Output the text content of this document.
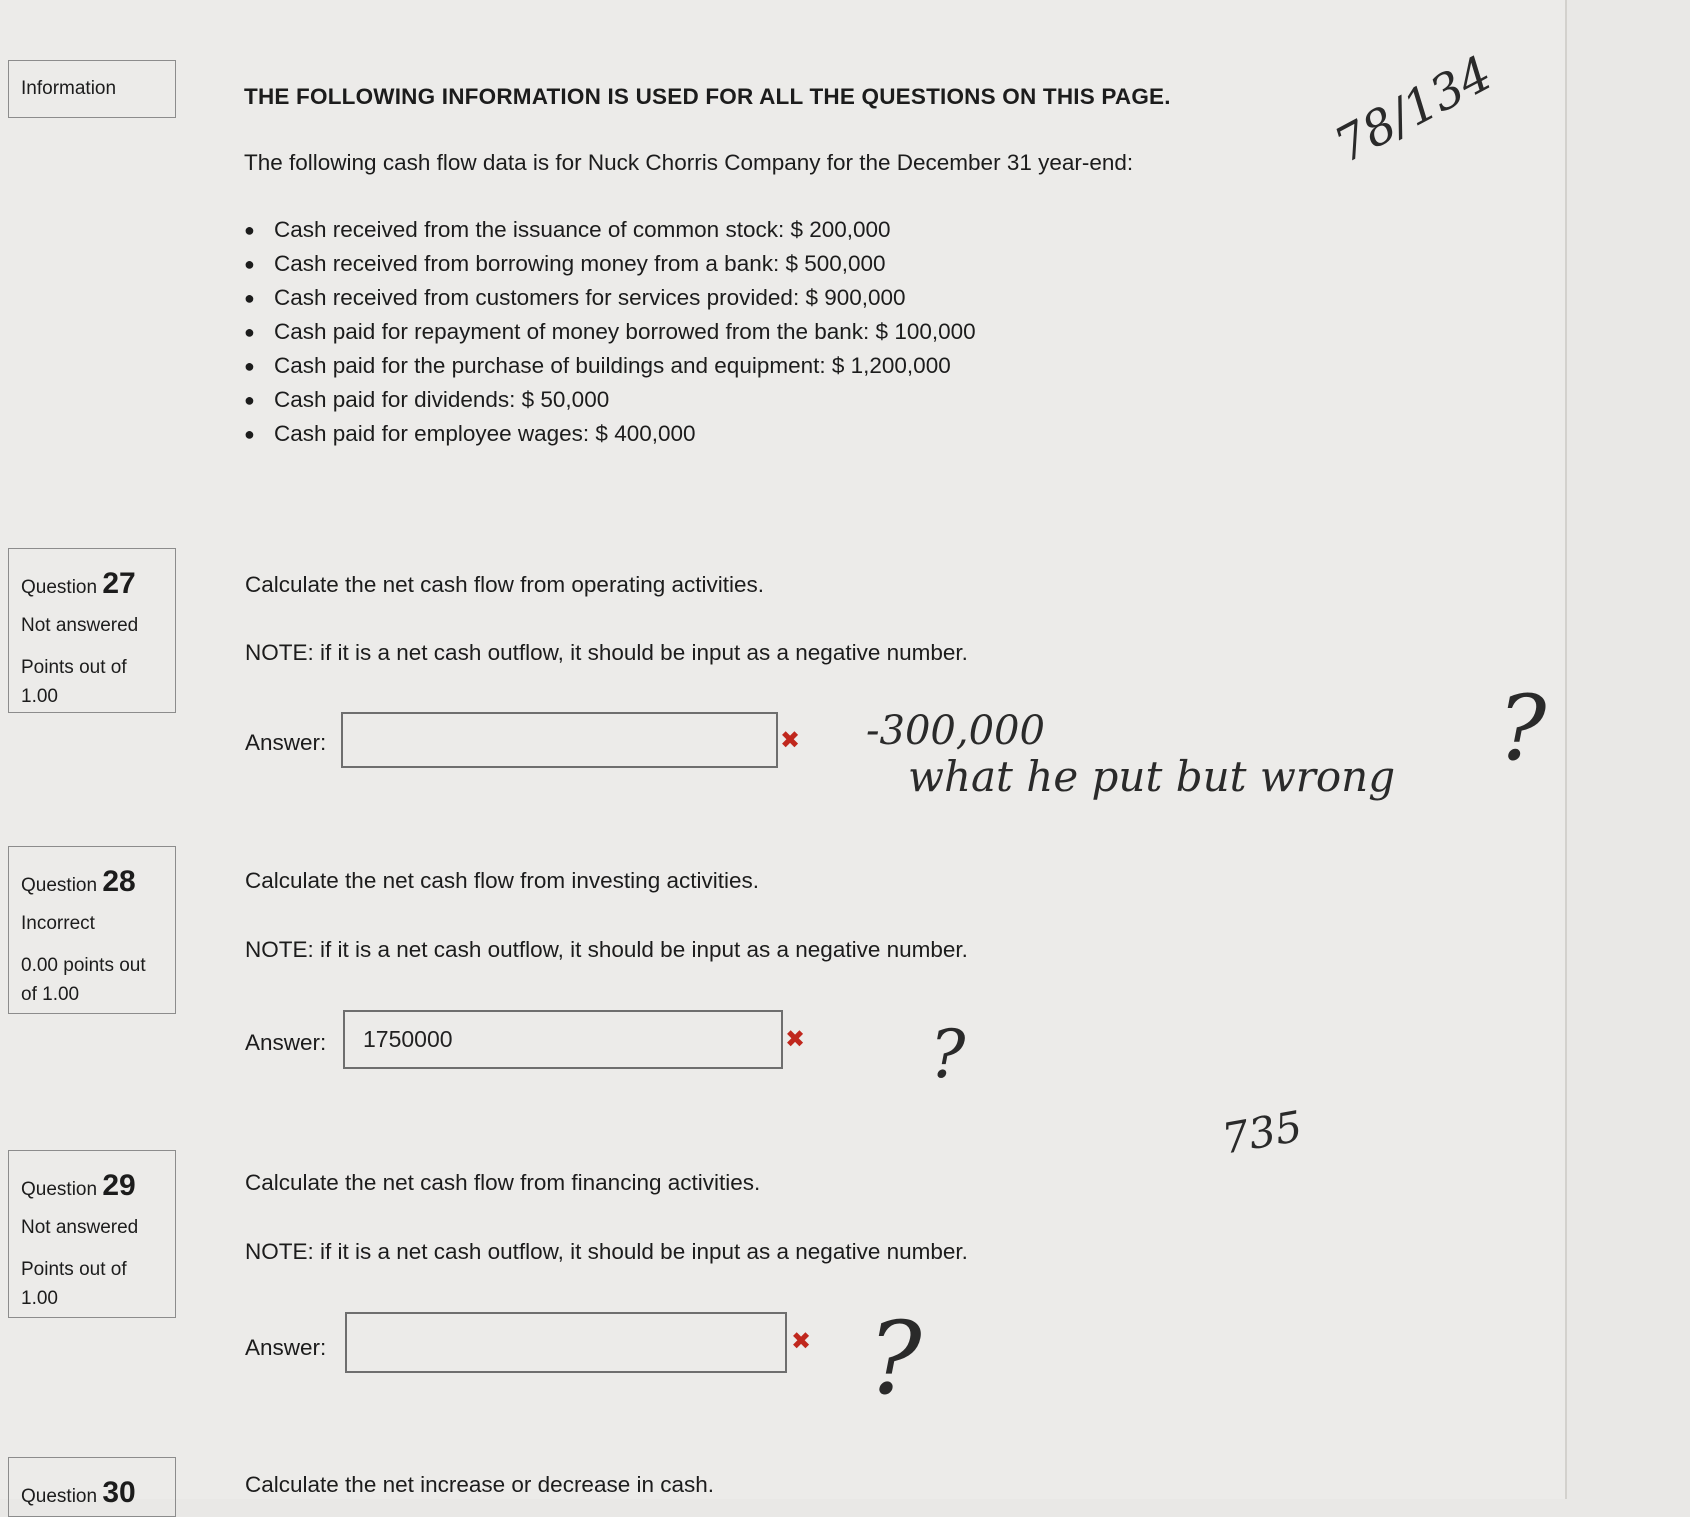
Information	THE FOLLOWING INFORMATION IS USED FOR ALL THE QUESTIONS ON THIS PAGE.
The following cash flow data is for Nuck Chorris Company for the December 31 year-end:
● Cash received from the issuance of common stock: $ 200,000
● Cash received from borrowing money from a bank: $ 500,000
● Cash received from customers for services provided: $ 900,000
● Cash paid for repayment of money borrowed from the bank: $ 100,000
● Cash paid for the purchase of buildings and equipment: $ 1,200,000
● Cash paid for dividends: $ 50,000
● Cash paid for employee wages: $ 400,000
Question 27
Not answered
Points out of
1.00
Calculate the net cash flow from operating activities.
NOTE: if it is a net cash outflow, it should be input as a negative number.
Answer:	✖
Question 28
Incorrect
0.00 points out
of 1.00
Calculate the net cash flow from investing activities.
NOTE: if it is a net cash outflow, it should be input as a negative number.
Answer:
1750000	✖
Question 29
Not answered
Points out of
1.00
Calculate the net cash flow from financing activities.
NOTE: if it is a net cash outflow, it should be input as a negative number.
Answer:	✖
Question 30	Calculate the net increase or decrease in cash.
78/134
-300,000
what he put but wrong ?
?
?
735
